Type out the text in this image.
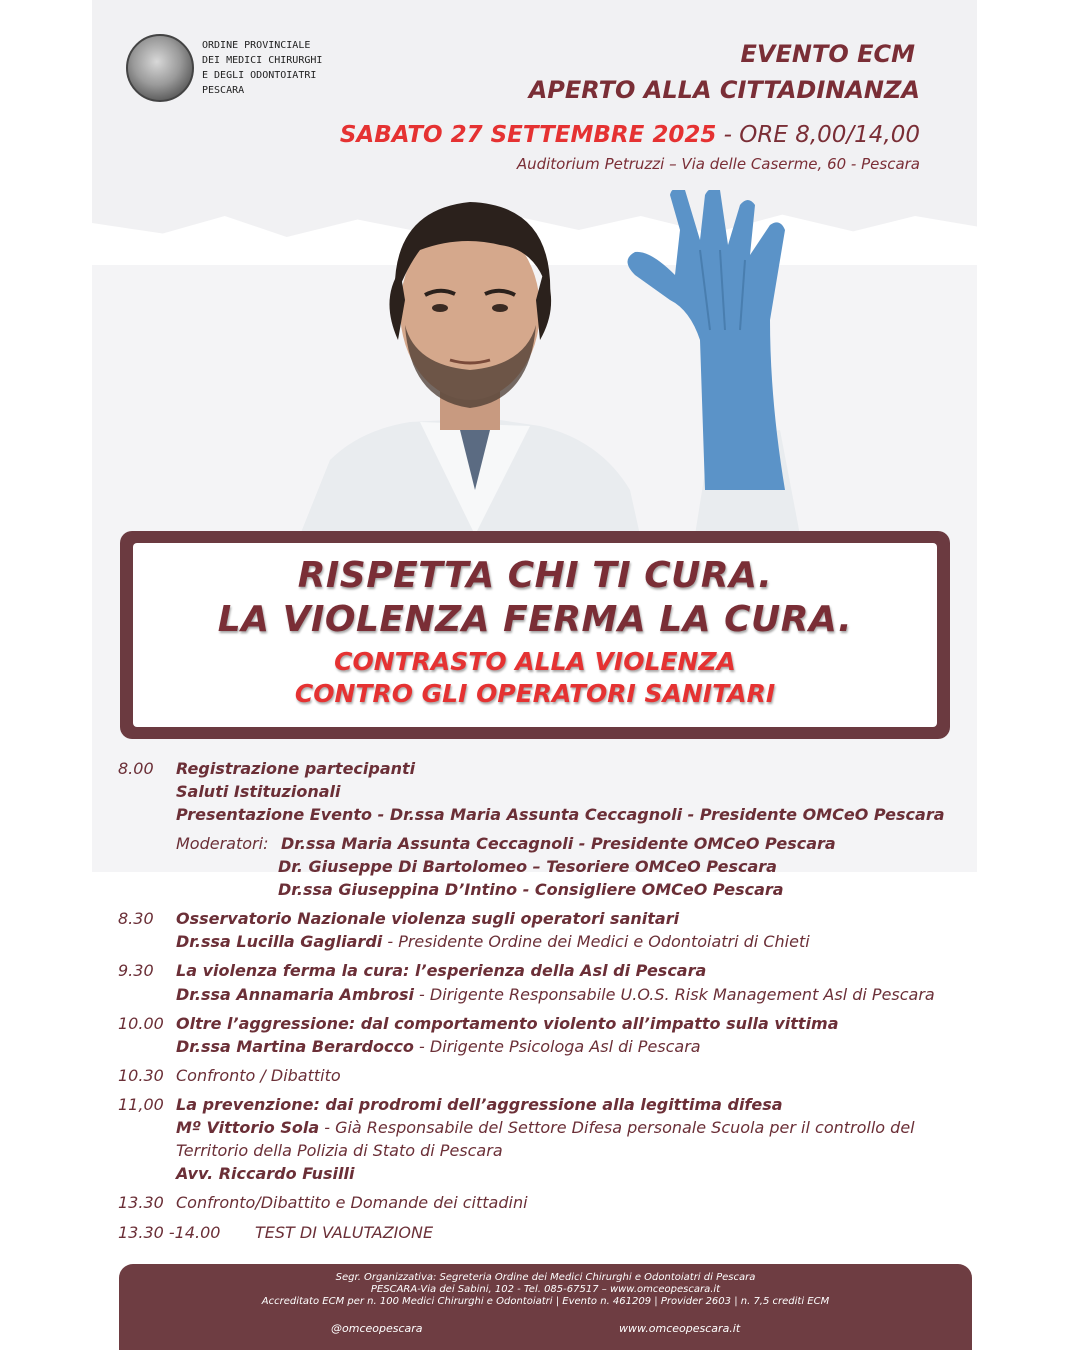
ORDINE PROVINCIALE
DEI MEDICI CHIRURGHI
E DEGLI ODONTOIATRI
PESCARA
EVENTO ECM
APERTO ALLA CITTADINANZA
SABATO 27 SETTEMBRE 2025 - ORE 8,00/14,00
Auditorium Petruzzi – Via delle Caserme, 60 - Pescara
RISPETTA CHI TI CURA.
LA VIOLENZA FERMA LA CURA.
CONTRASTO ALLA VIOLENZA
CONTRO GLI OPERATORI SANITARI
8.00 Registrazione partecipanti
Saluti Istituzionali
Presentazione Evento - Dr.ssa Maria Assunta Ceccagnoli - Presidente OMCeO Pescara
Moderatori: Dr.ssa Maria Assunta Ceccagnoli - Presidente OMCeO Pescara
Dr. Giuseppe Di Bartolomeo – Tesoriere OMCeO Pescara
Dr.ssa Giuseppina D’Intino - Consigliere OMCeO Pescara
8.30 Osservatorio Nazionale violenza sugli operatori sanitari
Dr.ssa Lucilla Gagliardi - Presidente Ordine dei Medici e Odontoiatri di Chieti
9.30 La violenza ferma la cura: l’esperienza della Asl di Pescara
Dr.ssa Annamaria Ambrosi - Dirigente Responsabile U.O.S. Risk Management Asl di Pescara
10.00 Oltre l’aggressione: dal comportamento violento all’impatto sulla vittima
Dr.ssa Martina Berardocco - Dirigente Psicologa Asl di Pescara
10.30 Confronto / Dibattito
11,00 La prevenzione: dai prodromi dell’aggressione alla legittima difesa
Mº Vittorio Sola - Già Responsabile del Settore Difesa personale Scuola per il controllo del
Territorio della Polizia di Stato di Pescara
Avv. Riccardo Fusilli
13.30 Confronto/Dibattito e Domande dei cittadini
13.30 -14.00 TEST DI VALUTAZIONE
Segr. Organizzativa: Segreteria Ordine dei Medici Chirurghi e Odontoiatri di Pescara
PESCARA-Via dei Sabini, 102 - Tel. 085-67517 – www.omceopescara.it
Accreditato ECM per n. 100 Medici Chirurghi e Odontoiatri | Evento n. 461209 | Provider 2603 | n. 7,5 crediti ECM
@omceopescara	www.omceopescara.it
